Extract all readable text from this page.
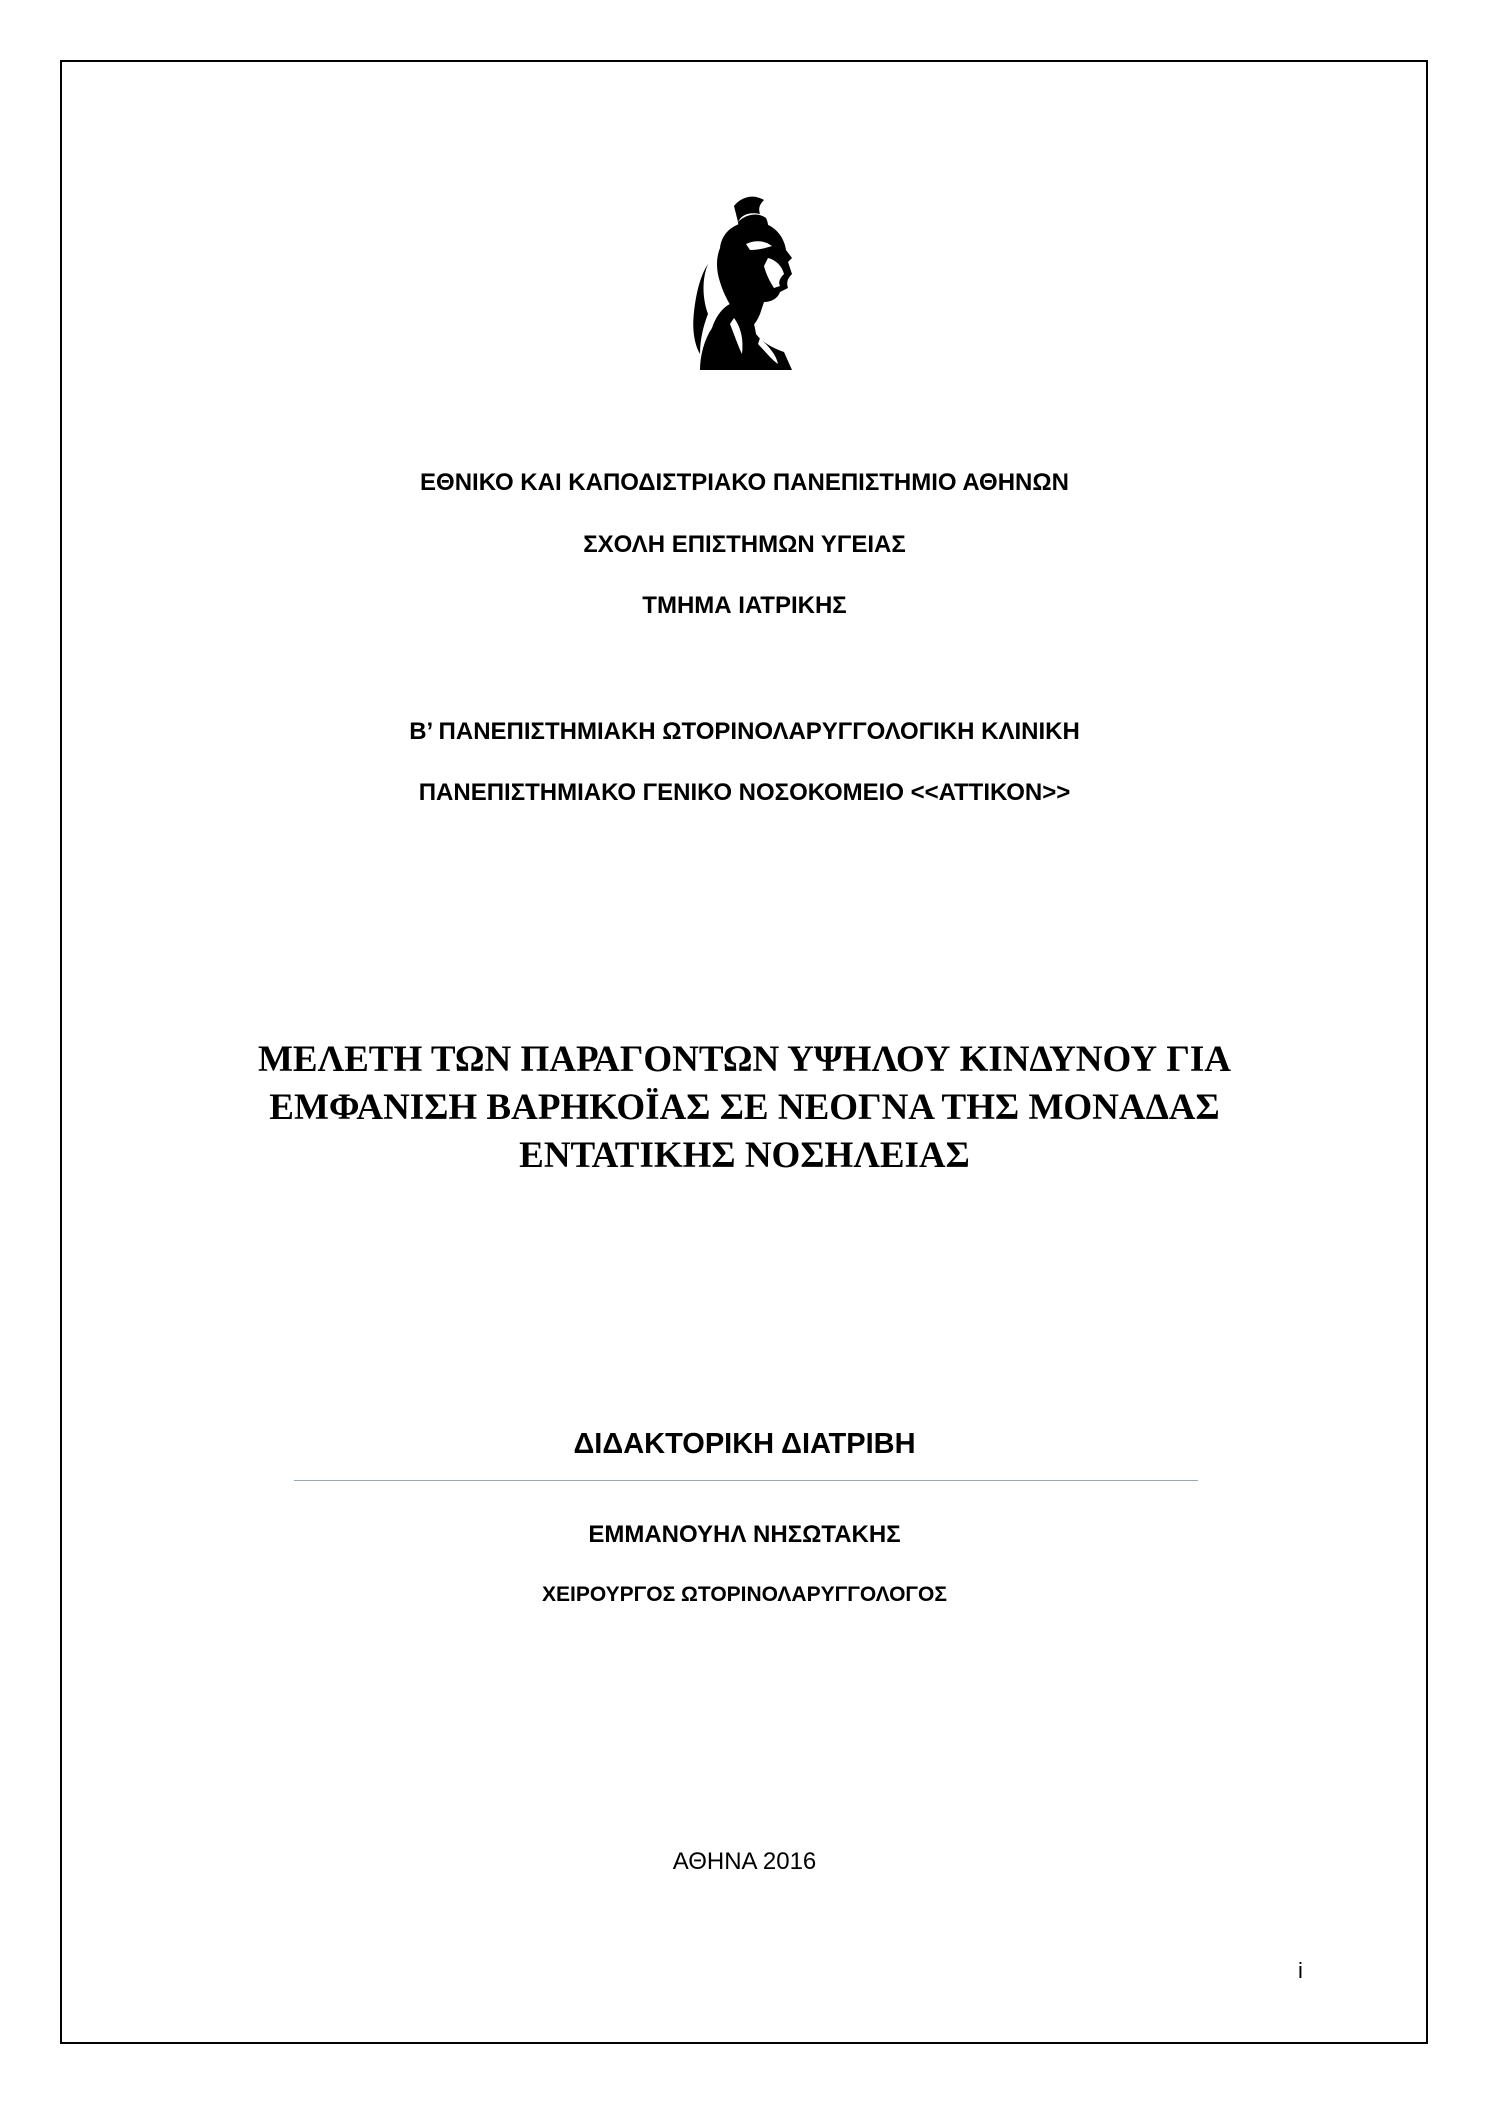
ΕΘΝΙΚΟ ΚΑΙ ΚΑΠΟΔΙΣΤΡΙΑΚΟ ΠΑΝΕΠΙΣΤΗΜΙΟ ΑΘΗΝΩΝ
ΣΧΟΛΗ ΕΠΙΣΤΗΜΩΝ ΥΓΕΙΑΣ
ΤΜΗΜΑ ΙΑΤΡΙΚΗΣ
Β’ ΠΑΝΕΠΙΣΤΗΜΙΑΚΗ ΩΤΟΡΙΝΟΛΑΡΥΓΓΟΛΟΓΙΚΗ ΚΛΙΝΙΚΗ
ΠΑΝΕΠΙΣΤΗΜΙΑΚΟ ΓΕΝΙΚΟ ΝΟΣΟΚΟΜΕΙΟ <<ΑΤΤΙΚΟΝ>>
ΜΕΛΕΤΗ ΤΩΝ ΠΑΡΑΓΟΝΤΩΝ ΥΨΗΛΟΥ ΚΙΝΔΥΝΟΥ ΓΙΑ
ΕΜΦΑΝΙΣΗ ΒΑΡΗΚΟΪΑΣ ΣΕ ΝΕΟΓΝΑ ΤΗΣ ΜΟΝΑΔΑΣ
ΕΝΤΑΤΙΚΗΣ ΝΟΣΗΛΕΙΑΣ
ΔΙΔΑΚΤΟΡΙΚΗ ΔΙΑΤΡΙΒΗ
ΕΜΜΑΝΟΥΗΛ ΝΗΣΩΤΑΚΗΣ
ΧΕΙΡΟΥΡΓΟΣ ΩΤΟΡΙΝΟΛΑΡΥΓΓΟΛΟΓΟΣ
ΑΘΗΝΑ 2016
i
